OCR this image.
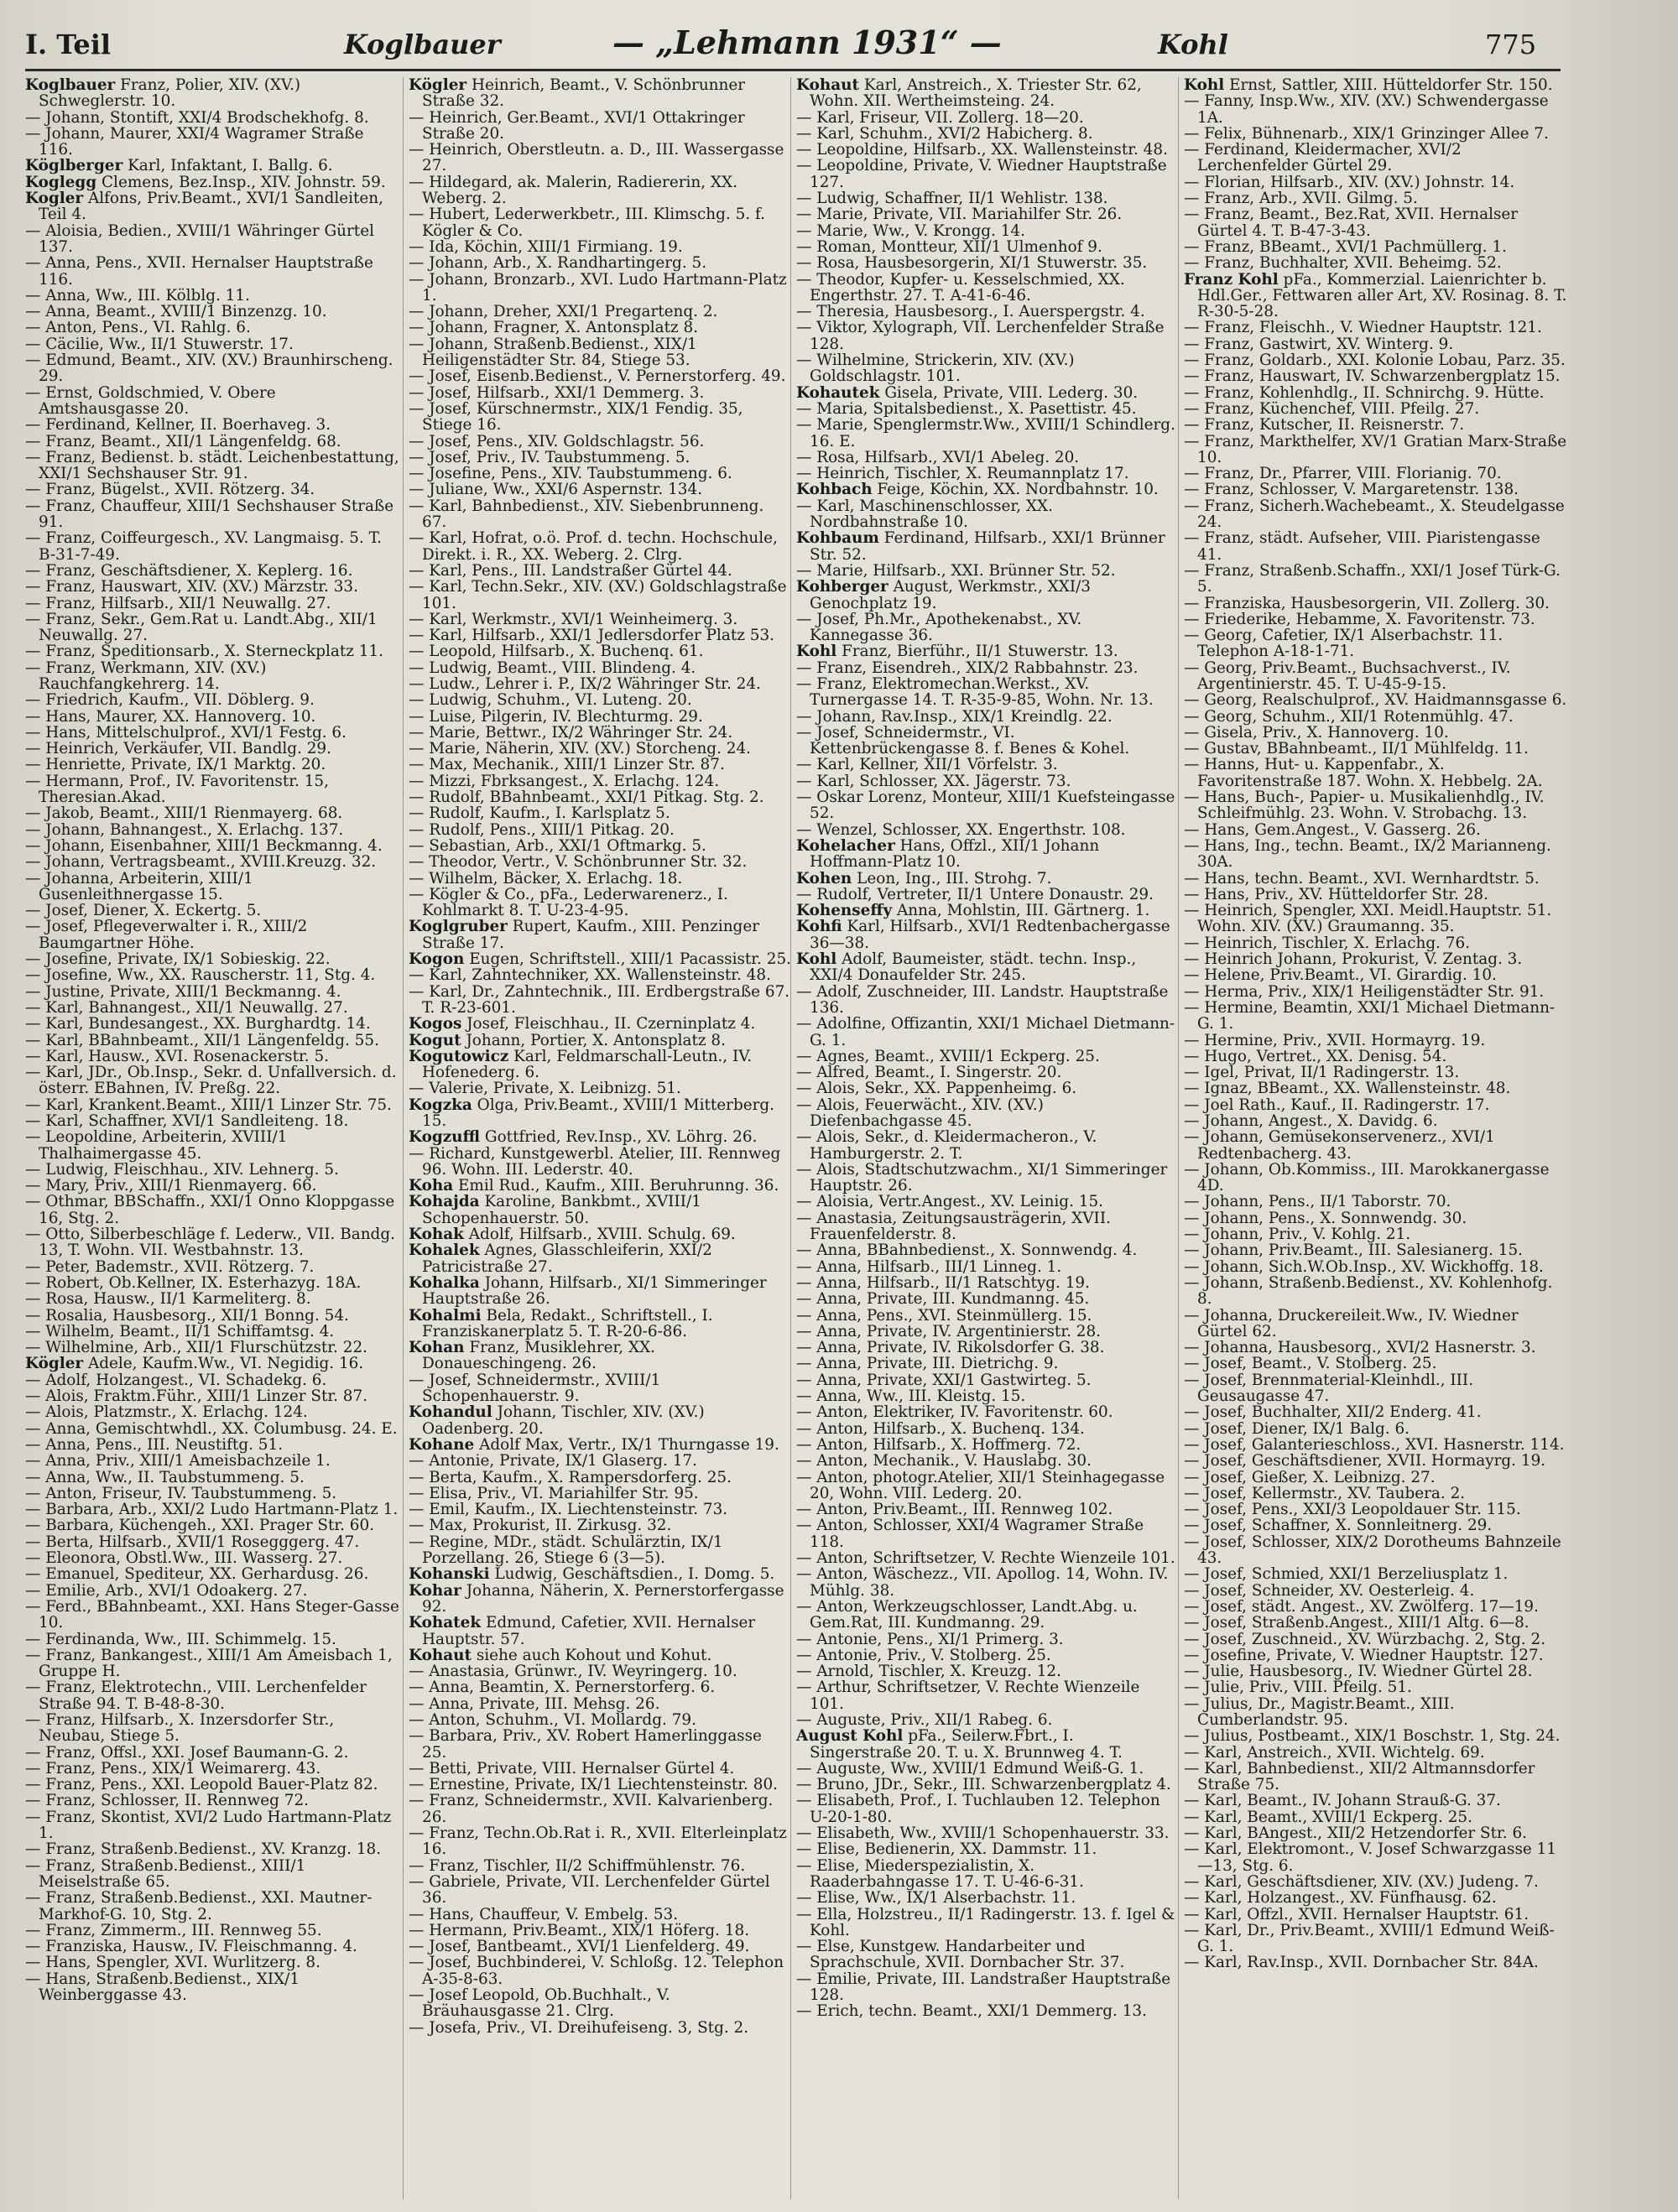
I. Teil	Koglbauer	— „Lehmann 1931“ —	Kohl	775

Koglbauer Franz, Polier, XIV. (XV.) Schweglerstr. 10.

— Johann, Stontift, XXI/4 Brodschekhofg. 8.

— Johann, Maurer, XXI/4 Wagramer Straße 116.

Köglberger Karl, Infaktant, I. Ballg. 6.

Koglegg Clemens, Bez.Insp., XIV. Johnstr. 59.

Kogler Alfons, Priv.Beamt., XVI/1 Sandleiten, Teil 4.

— Aloisia, Bedien., XVIII/1 Währinger Gürtel 137.

— Anna, Pens., XVII. Hernalser Hauptstraße 116.

— Anna, Ww., III. Kölblg. 11.

— Anna, Beamt., XVIII/1 Binzenzg. 10.

— Anton, Pens., VI. Rahlg. 6.

— Cäcilie, Ww., II/1 Stuwerstr. 17.

— Edmund, Beamt., XIV. (XV.) Braunhirscheng. 29.

— Ernst, Goldschmied, V. Obere Amtshausgasse 20.

— Ferdinand, Kellner, II. Boerhaveg. 3.

— Franz, Beamt., XII/1 Längenfeldg. 68.

— Franz, Bedienst. b. städt. Leichenbestattung, XXI/1 Sechshauser Str. 91.

— Franz, Bügelst., XVII. Rötzerg. 34.

— Franz, Chauffeur, XIII/1 Sechshauser Straße 91.

— Franz, Coiffeurgesch., XV. Langmaisg. 5. T. B-31-7-49.

— Franz, Geschäftsdiener, X. Keplerg. 16.

— Franz, Hauswart, XIV. (XV.) Märzstr. 33.

— Franz, Hilfsarb., XII/1 Neuwallg. 27.

— Franz, Sekr., Gem.Rat u. Landt.Abg., XII/1 Neuwallg. 27.

— Franz, Speditionsarb., X. Sterneckplatz 11.

— Franz, Werkmann, XIV. (XV.) Rauchfangkehrerg. 14.

— Friedrich, Kaufm., VII. Döblerg. 9.

— Hans, Maurer, XX. Hannoverg. 10.

— Hans, Mittelschulprof., XVI/1 Festg. 6.

— Heinrich, Verkäufer, VII. Bandlg. 29.

— Henriette, Private, IX/1 Marktg. 20.

— Hermann, Prof., IV. Favoritenstr. 15, Theresian.Akad.

— Jakob, Beamt., XIII/1 Rienmayerg. 68.

— Johann, Bahnangest., X. Erlachg. 137.

— Johann, Eisenbahner, XIII/1 Beckmanng. 4.

— Johann, Vertragsbeamt., XVIII.Kreuzg. 32.

— Johanna, Arbeiterin, XIII/1 Gusenleithnergasse 15.

— Josef, Diener, X. Eckertg. 5.

— Josef, Pflegeverwalter i. R., XIII/2 Baumgartner Höhe.

— Josefine, Private, IX/1 Sobieskig. 22.

— Josefine, Ww., XX. Rauscherstr. 11, Stg. 4.

— Justine, Private, XIII/1 Beckmanng. 4.

— Karl, Bahnangest., XII/1 Neuwallg. 27.

— Karl, Bundesangest., XX. Burghardtg. 14.

— Karl, BBahnbeamt., XII/1 Längenfeldg. 55.

— Karl, Hausw., XVI. Rosenackerstr. 5.

— Karl, JDr., Ob.Insp., Sekr. d. Unfallversich. d. österr. EBahnen, IV. Preßg. 22.

— Karl, Krankent.Beamt., XIII/1 Linzer Str. 75.

— Karl, Schaffner, XVI/1 Sandleiteng. 18.

— Leopoldine, Arbeiterin, XVIII/1 Thalhaimergasse 45.

— Ludwig, Fleischhau., XIV. Lehnerg. 5.

— Mary, Priv., XIII/1 Rienmayerg. 66.

— Othmar, BBSchaffn., XXI/1 Onno Kloppgasse 16, Stg. 2.

— Otto, Silberbeschläge f. Lederw., VII. Bandg. 13, T. Wohn. VII. Westbahnstr. 13.

— Peter, Bademstr., XVII. Rötzerg. 7.

— Robert, Ob.Kellner, IX. Esterhazyg. 18A.

— Rosa, Hausw., II/1 Karmeliterg. 8.

— Rosalia, Hausbesorg., XII/1 Bonng. 54.

— Wilhelm, Beamt., II/1 Schiffamtsg. 4.

— Wilhelmine, Arb., XII/1 Flurschützstr. 22.

Kögler Adele, Kaufm.Ww., VI. Negidig. 16.

— Adolf, Holzangest., VI. Schadekg. 6.

— Alois, Fraktm.Führ., XIII/1 Linzer Str. 87.

— Alois, Platzmstr., X. Erlachg. 124.

— Anna, Gemischtwhdl., XX. Columbusg. 24. E.

— Anna, Pens., III. Neustiftg. 51.

— Anna, Priv., XIII/1 Ameisbachzeile 1.

— Anna, Ww., II. Taubstummeng. 5.

— Anton, Friseur, IV. Taubstummeng. 5.

— Barbara, Arb., XXI/2 Ludo Hartmann-Platz 1.

— Barbara, Küchengeh., XXI. Prager Str. 60.

— Berta, Hilfsarb., XVII/1 Rosegggerg. 47.

— Eleonora, Obstl.Ww., III. Wasserg. 27.

— Emanuel, Spediteur, XX. Gerhardusg. 26.

— Emilie, Arb., XVI/1 Odoakerg. 27.

— Ferd., BBahnbeamt., XXI. Hans Steger-Gasse 10.

— Ferdinanda, Ww., III. Schimmelg. 15.

— Franz, Bankangest., XIII/1 Am Ameisbach 1, Gruppe H.

— Franz, Elektrotechn., VIII. Lerchenfelder Straße 94. T. B-48-8-30.

— Franz, Hilfsarb., X. Inzersdorfer Str., Neubau, Stiege 5.

— Franz, Offsl., XXI. Josef Baumann-G. 2.

— Franz, Pens., XIX/1 Weimarerg. 43.

— Franz, Pens., XXI. Leopold Bauer-Platz 82.

— Franz, Schlosser, II. Rennweg 72.

— Franz, Skontist, XVI/2 Ludo Hartmann-Platz 1.

— Franz, Straßenb.Bedienst., XV. Kranzg. 18.

— Franz, Straßenb.Bedienst., XIII/1 Meiselstraße 65.

— Franz, Straßenb.Bedienst., XXI. Mautner-Markhof-G. 10, Stg. 2.

— Franz, Zimmerm., III. Rennweg 55.

— Franziska, Hausw., IV. Fleischmanng. 4.

— Hans, Spengler, XVI. Wurlitzerg. 8.

— Hans, Straßenb.Bedienst., XIX/1 Weinberggasse 43.

Kögler Heinrich, Beamt., V. Schönbrunner Straße 32.

— Heinrich, Ger.Beamt., XVI/1 Ottakringer Straße 20.

— Heinrich, Oberstleutn. a. D., III. Wassergasse 27.

— Hildegard, ak. Malerin, Radiererin, XX. Weberg. 2.

— Hubert, Lederwerkbetr., III. Klimschg. 5. f. Kögler & Co.

— Ida, Köchin, XIII/1 Firmiang. 19.

— Johann, Arb., X. Randhartingerg. 5.

— Johann, Bronzarb., XVI. Ludo Hartmann-Platz 1.

— Johann, Dreher, XXI/1 Pregartenq. 2.

— Johann, Fragner, X. Antonsplatz 8.

— Johann, Straßenb.Bedienst., XIX/1 Heiligenstädter Str. 84, Stiege 53.

— Josef, Eisenb.Bedienst., V. Pernerstorferg. 49.

— Josef, Hilfsarb., XXI/1 Demmerg. 3.

— Josef, Kürschnermstr., XIX/1 Fendig. 35, Stiege 16.

— Josef, Pens., XIV. Goldschlagstr. 56.

— Josef, Priv., IV. Taubstummeng. 5.

— Josefine, Pens., XIV. Taubstummeng. 6.

— Juliane, Ww., XXI/6 Aspernstr. 134.

— Karl, Bahnbedienst., XIV. Siebenbrunneng. 67.

— Karl, Hofrat, o.ö. Prof. d. techn. Hochschule, Direkt. i. R., XX. Weberg. 2. Clrg.

— Karl, Pens., III. Landstraßer Gürtel 44.

— Karl, Techn.Sekr., XIV. (XV.) Goldschlagstraße 101.

— Karl, Werkmstr., XVI/1 Weinheimerg. 3.

— Karl, Hilfsarb., XXI/1 Jedlersdorfer Platz 53.

— Leopold, Hilfsarb., X. Buchenq. 61.

— Ludwig, Beamt., VIII. Blindeng. 4.

— Ludw., Lehrer i. P., IX/2 Währinger Str. 24.

— Ludwig, Schuhm., VI. Luteng. 20.

— Luise, Pilgerin, IV. Blechturmg. 29.

— Marie, Bettwr., IX/2 Währinger Str. 24.

— Marie, Näherin, XIV. (XV.) Storcheng. 24.

— Max, Mechanik., XIII/1 Linzer Str. 87.

— Mizzi, Fbrksangest., X. Erlachg. 124.

— Rudolf, BBahnbeamt., XXI/1 Pitkag. Stg. 2.

— Rudolf, Kaufm., I. Karlsplatz 5.

— Rudolf, Pens., XIII/1 Pitkag. 20.

— Sebastian, Arb., XXI/1 Oftmarkg. 5.

— Theodor, Vertr., V. Schönbrunner Str. 32.

— Wilhelm, Bäcker, X. Erlachg. 18.

— Kögler & Co., pFa., Lederwarenerz., I. Kohlmarkt 8. T. U-23-4-95.

Koglgruber Rupert, Kaufm., XIII. Penzinger Straße 17.

Kogon Eugen, Schriftstell., XIII/1 Pacassistr. 25.

— Karl, Zahntechniker, XX. Wallensteinstr. 48.

— Karl, Dr., Zahntechnik., III. Erdbergstraße 67. T. R-23-601.

Kogos Josef, Fleischhau., II. Czerninplatz 4.

Kogut Johann, Portier, X. Antonsplatz 8.

Kogutowicz Karl, Feldmarschall-Leutn., IV. Hofenederg. 6.

— Valerie, Private, X. Leibnizg. 51.

Kogzka Olga, Priv.Beamt., XVIII/1 Mitterberg. 15.

Kogzuffl Gottfried, Rev.Insp., XV. Löhrg. 26.

— Richard, Kunstgewerbl. Atelier, III. Rennweg 96. Wohn. III. Lederstr. 40.

Koha Emil Rud., Kaufm., XIII. Beruhrunng. 36.

Kohajda Karoline, Bankbmt., XVIII/1 Schopenhauerstr. 50.

Kohak Adolf, Hilfsarb., XVIII. Schulg. 69.

Kohalek Agnes, Glasschleiferin, XXI/2 Patricistraße 27.

Kohalka Johann, Hilfsarb., XI/1 Simmeringer Hauptstraße 26.

Kohalmi Bela, Redakt., Schriftstell., I. Franziskanerplatz 5. T. R-20-6-86.

Kohan Franz, Musiklehrer, XX. Donaueschingeng. 26.

— Josef, Schneidermstr., XVIII/1 Schopenhauerstr. 9.

Kohandul Johann, Tischler, XIV. (XV.) Oadenberg. 20.

Kohane Adolf Max, Vertr., IX/1 Thurngasse 19.

— Antonie, Private, IX/1 Glaserg. 17.

— Berta, Kaufm., X. Rampersdorferg. 25.

— Elisa, Priv., VI. Mariahilfer Str. 95.

— Emil, Kaufm., IX. Liechtensteinstr. 73.

— Max, Prokurist, II. Zirkusg. 32.

— Regine, MDr., städt. Schulärztin, IX/1 Porzellang. 26, Stiege 6 (3—5).

Kohanski Ludwig, Geschäftsdien., I. Domg. 5.

Kohar Johanna, Näherin, X. Pernerstorfergasse 92.

Kohatek Edmund, Cafetier, XVII. Hernalser Hauptstr. 57.

Kohaut siehe auch Kohout und Kohut.

— Anastasia, Grünwr., IV. Weyringerg. 10.

— Anna, Beamtin, X. Pernerstorferg. 6.

— Anna, Private, III. Mehsg. 26.

— Anton, Schuhm., VI. Mollardg. 79.

— Barbara, Priv., XV. Robert Hamerlinggasse 25.

— Betti, Private, VIII. Hernalser Gürtel 4.

— Ernestine, Private, IX/1 Liechtensteinstr. 80.

— Franz, Schneidermstr., XVII. Kalvarienberg. 26.

— Franz, Techn.Ob.Rat i. R., XVII. Elterleinplatz 16.

— Franz, Tischler, II/2 Schiffmühlenstr. 76.

— Gabriele, Private, VII. Lerchenfelder Gürtel 36.

— Hans, Chauffeur, V. Embelg. 53.

— Hermann, Priv.Beamt., XIX/1 Höferg. 18.

— Josef, Bantbeamt., XVI/1 Lienfelderg. 49.

— Josef, Buchbinderei, V. Schloßg. 12. Telephon A-35-8-63.

— Josef Leopold, Ob.Buchhalt., V. Bräuhausgasse 21. Clrg.

— Josefa, Priv., VI. Dreihufeiseng. 3, Stg. 2.

Kohaut Karl, Anstreich., X. Triester Str. 62, Wohn. XII. Wertheimsteing. 24.

— Karl, Friseur, VII. Zollerg. 18—20.

— Karl, Schuhm., XVI/2 Habicherg. 8.

— Leopoldine, Hilfsarb., XX. Wallensteinstr. 48.

— Leopoldine, Private, V. Wiedner Hauptstraße 127.

— Ludwig, Schaffner, II/1 Wehlistr. 138.

— Marie, Private, VII. Mariahilfer Str. 26.

— Marie, Ww., V. Krongg. 14.

— Roman, Montteur, XII/1 Ulmenhof 9.

— Rosa, Hausbesorgerin, XI/1 Stuwerstr. 35.

— Theodor, Kupfer- u. Kesselschmied, XX. Engerthstr. 27. T. A-41-6-46.

— Theresia, Hausbesorg., I. Auerspergstr. 4.

— Viktor, Xylograph, VII. Lerchenfelder Straße 128.

— Wilhelmine, Strickerin, XIV. (XV.) Goldschlagstr. 101.

Kohautek Gisela, Private, VIII. Lederg. 30.

— Maria, Spitalsbedienst., X. Pasettistr. 45.

— Marie, Spenglermstr.Ww., XVIII/1 Schindlerg. 16. E.

— Rosa, Hilfsarb., XVI/1 Abeleg. 20.

— Heinrich, Tischler, X. Reumannplatz 17.

Kohbach Feige, Köchin, XX. Nordbahnstr. 10.

— Karl, Maschinenschlosser, XX. Nordbahnstraße 10.

Kohbaum Ferdinand, Hilfsarb., XXI/1 Brünner Str. 52.

— Marie, Hilfsarb., XXI. Brünner Str. 52.

Kohberger August, Werkmstr., XXI/3 Genochplatz 19.

— Josef, Ph.Mr., Apothekenabst., XV. Kannegasse 36.

Kohl Franz, Bierführ., II/1 Stuwerstr. 13.

— Franz, Eisendreh., XIX/2 Rabbahnstr. 23.

— Franz, Elektromechan.Werkst., XV. Turnergasse 14. T. R-35-9-85, Wohn. Nr. 13.

— Johann, Rav.Insp., XIX/1 Kreindlg. 22.

— Josef, Schneidermstr., VI. Kettenbrückengasse 8. f. Benes & Kohel.

— Karl, Kellner, XII/1 Vörfelstr. 3.

— Karl, Schlosser, XX. Jägerstr. 73.

— Oskar Lorenz, Monteur, XIII/1 Kuefsteingasse 52.

— Wenzel, Schlosser, XX. Engerthstr. 108.

Kohelacher Hans, Offzl., XII/1 Johann Hoffmann-Platz 10.

Kohen Leon, Ing., III. Strohg. 7.

— Rudolf, Vertreter, II/1 Untere Donaustr. 29.

Kohenseffy Anna, Mohlstin, III. Gärtnerg. 1.

Kohfi Karl, Hilfsarb., XVI/1 Redtenbachergasse 36—38.

Kohl Adolf, Baumeister, städt. techn. Insp., XXI/4 Donaufelder Str. 245.

— Adolf, Zuschneider, III. Landstr. Hauptstraße 136.

— Adolfine, Offizantin, XXI/1 Michael Dietmann-G. 1.

— Agnes, Beamt., XVIII/1 Eckperg. 25.

— Alfred, Beamt., I. Singerstr. 20.

— Alois, Sekr., XX. Pappenheimg. 6.

— Alois, Feuerwächt., XIV. (XV.) Diefenbachgasse 45.

— Alois, Sekr., d. Kleidermacheron., V. Hamburgerstr. 2. T.

— Alois, Stadtschutzwachm., XI/1 Simmeringer Hauptstr. 26.

— Aloisia, Vertr.Angest., XV. Leinig. 15.

— Anastasia, Zeitungsausträgerin, XVII. Frauenfelderstr. 8.

— Anna, BBahnbedienst., X. Sonnwendg. 4.

— Anna, Hilfsarb., III/1 Linneg. 1.

— Anna, Hilfsarb., II/1 Ratschtyg. 19.

— Anna, Private, III. Kundmanng. 45.

— Anna, Pens., XVI. Steinmüllerg. 15.

— Anna, Private, IV. Argentinierstr. 28.

— Anna, Private, IV. Rikolsdorfer G. 38.

— Anna, Private, III. Dietrichg. 9.

— Anna, Private, XXI/1 Gastwirteg. 5.

— Anna, Ww., III. Kleistg. 15.

— Anton, Elektriker, IV. Favoritenstr. 60.

— Anton, Hilfsarb., X. Buchenq. 134.

— Anton, Hilfsarb., X. Hoffmerg. 72.

— Anton, Mechanik., V. Hauslabg. 30.

— Anton, photogr.Atelier, XII/1 Steinhagegasse 20, Wohn. VIII. Lederg. 20.

— Anton, Priv.Beamt., III. Rennweg 102.

— Anton, Schlosser, XXI/4 Wagramer Straße 118.

— Anton, Schriftsetzer, V. Rechte Wienzeile 101.

— Anton, Wäschezz., VII. Apollog. 14, Wohn. IV. Mühlg. 38.

— Anton, Werkzeugschlosser, Landt.Abg. u. Gem.Rat, III. Kundmanng. 29.

— Antonie, Pens., XI/1 Primerg. 3.

— Antonie, Priv., V. Stolberg. 25.

— Arnold, Tischler, X. Kreuzg. 12.

— Arthur, Schriftsetzer, V. Rechte Wienzeile 101.

— Auguste, Priv., XII/1 Rabeg. 6.

August Kohl pFa., Seilerw.Fbrt., I. Singerstraße 20. T. u. X. Brunnweg 4. T.

— Auguste, Ww., XVIII/1 Edmund Weiß-G. 1.

— Bruno, JDr., Sekr., III. Schwarzenbergplatz 4.

— Elisabeth, Prof., I. Tuchlauben 12. Telephon U-20-1-80.

— Elisabeth, Ww., XVIII/1 Schopenhauerstr. 33.

— Elise, Bedienerin, XX. Dammstr. 11.

— Elise, Miederspezialistin, X. Raaderbahngasse 17. T. U-46-6-31.

— Elise, Ww., IX/1 Alserbachstr. 11.

— Ella, Holzstreu., II/1 Radingerstr. 13. f. Igel & Kohl.

— Else, Kunstgew. Handarbeiter und Sprachschule, XVII. Dornbacher Str. 37.

— Emilie, Private, III. Landstraßer Hauptstraße 128.

— Erich, techn. Beamt., XXI/1 Demmerg. 13.

Kohl Ernst, Sattler, XIII. Hütteldorfer Str. 150.

— Fanny, Insp.Ww., XIV. (XV.) Schwendergasse 1A.

— Felix, Bühnenarb., XIX/1 Grinzinger Allee 7.

— Ferdinand, Kleidermacher, XVI/2 Lerchenfelder Gürtel 29.

— Florian, Hilfsarb., XIV. (XV.) Johnstr. 14.

— Franz, Arb., XVII. Gilmg. 5.

— Franz, Beamt., Bez.Rat, XVII. Hernalser Gürtel 4. T. B-47-3-43.

— Franz, BBeamt., XVI/1 Pachmüllerg. 1.

— Franz, Buchhalter, XVII. Beheimg. 52.

Franz Kohl pFa., Kommerzial. Laienrichter b. Hdl.Ger., Fettwaren aller Art, XV. Rosinag. 8. T. R-30-5-28.

— Franz, Fleischh., V. Wiedner Hauptstr. 121.

— Franz, Gastwirt, XV. Winterg. 9.

— Franz, Goldarb., XXI. Kolonie Lobau, Parz. 35.

— Franz, Hauswart, IV. Schwarzenbergplatz 15.

— Franz, Kohlenhdlg., II. Schnirchg. 9. Hütte.

— Franz, Küchenchef, VIII. Pfeilg. 27.

— Franz, Kutscher, II. Reisnerstr. 7.

— Franz, Markthelfer, XV/1 Gratian Marx-Straße 10.

— Franz, Dr., Pfarrer, VIII. Florianig. 70.

— Franz, Schlosser, V. Margaretenstr. 138.

— Franz, Sicherh.Wachebeamt., X. Steudelgasse 24.

— Franz, städt. Aufseher, VIII. Piaristengasse 41.

— Franz, Straßenb.Schaffn., XXI/1 Josef Türk-G. 5.

— Franziska, Hausbesorgerin, VII. Zollerg. 30.

— Friederike, Hebamme, X. Favoritenstr. 73.

— Georg, Cafetier, IX/1 Alserbachstr. 11. Telephon A-18-1-71.

— Georg, Priv.Beamt., Buchsachverst., IV. Argentinierstr. 45. T. U-45-9-15.

— Georg, Realschulprof., XV. Haidmannsgasse 6.

— Georg, Schuhm., XII/1 Rotenmühlg. 47.

— Gisela, Priv., X. Hannoverg. 10.

— Gustav, BBahnbeamt., II/1 Mühlfeldg. 11.

— Hanns, Hut- u. Kappenfabr., X. Favoritenstraße 187. Wohn. X. Hebbelg. 2A.

— Hans, Buch-, Papier- u. Musikalienhdlg., IV. Schleifmühlg. 23. Wohn. V. Strobachg. 13.

— Hans, Gem.Angest., V. Gasserg. 26.

— Hans, Ing., techn. Beamt., IX/2 Marianneng. 30A.

— Hans, techn. Beamt., XVI. Wernhardtstr. 5.

— Hans, Priv., XV. Hütteldorfer Str. 28.

— Heinrich, Spengler, XXI. Meidl.Hauptstr. 51. Wohn. XIV. (XV.) Graumanng. 35.

— Heinrich, Tischler, X. Erlachg. 76.

— Heinrich Johann, Prokurist, V. Zentag. 3.

— Helene, Priv.Beamt., VI. Girardig. 10.

— Herma, Priv., XIX/1 Heiligenstädter Str. 91.

— Hermine, Beamtin, XXI/1 Michael Dietmann-G. 1.

— Hermine, Priv., XVII. Hormayrg. 19.

— Hugo, Vertret., XX. Denisg. 54.

— Igel, Privat, II/1 Radingerstr. 13.

— Ignaz, BBeamt., XX. Wallensteinstr. 48.

— Joel Rath., Kauf., II. Radingerstr. 17.

— Johann, Angest., X. Davidg. 6.

— Johann, Gemüsekonservenerz., XVI/1 Redtenbacherg. 43.

— Johann, Ob.Kommiss., III. Marokkanergasse 4D.

— Johann, Pens., II/1 Taborstr. 70.

— Johann, Pens., X. Sonnwendg. 30.

— Johann, Priv., V. Kohlg. 21.

— Johann, Priv.Beamt., III. Salesianerg. 15.

— Johann, Sich.W.Ob.Insp., XV. Wickhoffg. 18.

— Johann, Straßenb.Bedienst., XV. Kohlenhofg. 8.

— Johanna, Druckereileit.Ww., IV. Wiedner Gürtel 62.

— Johanna, Hausbesorg., XVI/2 Hasnerstr. 3.

— Josef, Beamt., V. Stolberg. 25.

— Josef, Brennmaterial-Kleinhdl., III. Geusaugasse 47.

— Josef, Buchhalter, XII/2 Enderg. 41.

— Josef, Diener, IX/1 Balg. 6.

— Josef, Galanterieschloss., XVI. Hasnerstr. 114.

— Josef, Geschäftsdiener, XVII. Hormayrg. 19.

— Josef, Gießer, X. Leibnizg. 27.

— Josef, Kellermstr., XV. Taubera. 2.

— Josef, Pens., XXI/3 Leopoldauer Str. 115.

— Josef, Schaffner, X. Sonnleitnerg. 29.

— Josef, Schlosser, XIX/2 Dorotheums Bahnzeile 43.

— Josef, Schmied, XXI/1 Berzeliusplatz 1.

— Josef, Schneider, XV. Oesterleig. 4.

— Josef, städt. Angest., XV. Zwölferg. 17—19.

— Josef, Straßenb.Angest., XIII/1 Altg. 6—8.

— Josef, Zuschneid., XV. Würzbachg. 2, Stg. 2.

— Josefine, Private, V. Wiedner Hauptstr. 127.

— Julie, Hausbesorg., IV. Wiedner Gürtel 28.

— Julie, Priv., VIII. Pfeilg. 51.

— Julius, Dr., Magistr.Beamt., XIII. Cumberlandstr. 95.

— Julius, Postbeamt., XIX/1 Boschstr. 1, Stg. 24.

— Karl, Anstreich., XVII. Wichtelg. 69.

— Karl, Bahnbedienst., XII/2 Altmannsdorfer Straße 75.

— Karl, Beamt., IV. Johann Strauß-G. 37.

— Karl, Beamt., XVIII/1 Eckperg. 25.

— Karl, BAngest., XII/2 Hetzendorfer Str. 6.

— Karl, Elektromont., V. Josef Schwarzgasse 11—13, Stg. 6.

— Karl, Geschäftsdiener, XIV. (XV.) Judeng. 7.

— Karl, Holzangest., XV. Fünfhausg. 62.

— Karl, Offzl., XVII. Hernalser Hauptstr. 61.

— Karl, Dr., Priv.Beamt., XVIII/1 Edmund Weiß-G. 1.

— Karl, Rav.Insp., XVII. Dornbacher Str. 84A.
